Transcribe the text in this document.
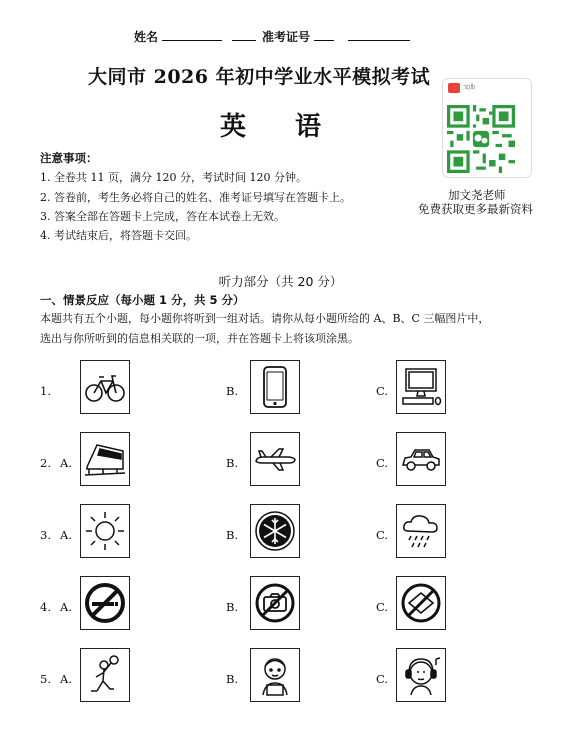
姓名	准考证号
大同市 2026 年初中学业水平模拟考试
英 语
注意事项：
1. 全卷共 11 页，满分 120 分，考试时间 120 分钟。
2. 答卷前，考生务必将自己的姓名、准考证号填写在答题卡上。
3. 答案全部在答题卡上完成，答在本试卷上无效。
4. 考试结束后，将答题卡交回。
文曲
加文尧老师
免费获取更多最新资料
听力部分（共 20 分）
一、情景反应（每小题 1 分，共 5 分）
本题共有五个小题，每小题你将听到一组对话。请你从每小题所给的 A、B、C 三幅图片中，
选出与你所听到的信息相关联的一项，并在答题卡上将该项涂黑。
1.	B.	C.
2. A.	B.	C.
3. A.	B.	C.
4. A.	B.	C.
5. A.	B.	C.
